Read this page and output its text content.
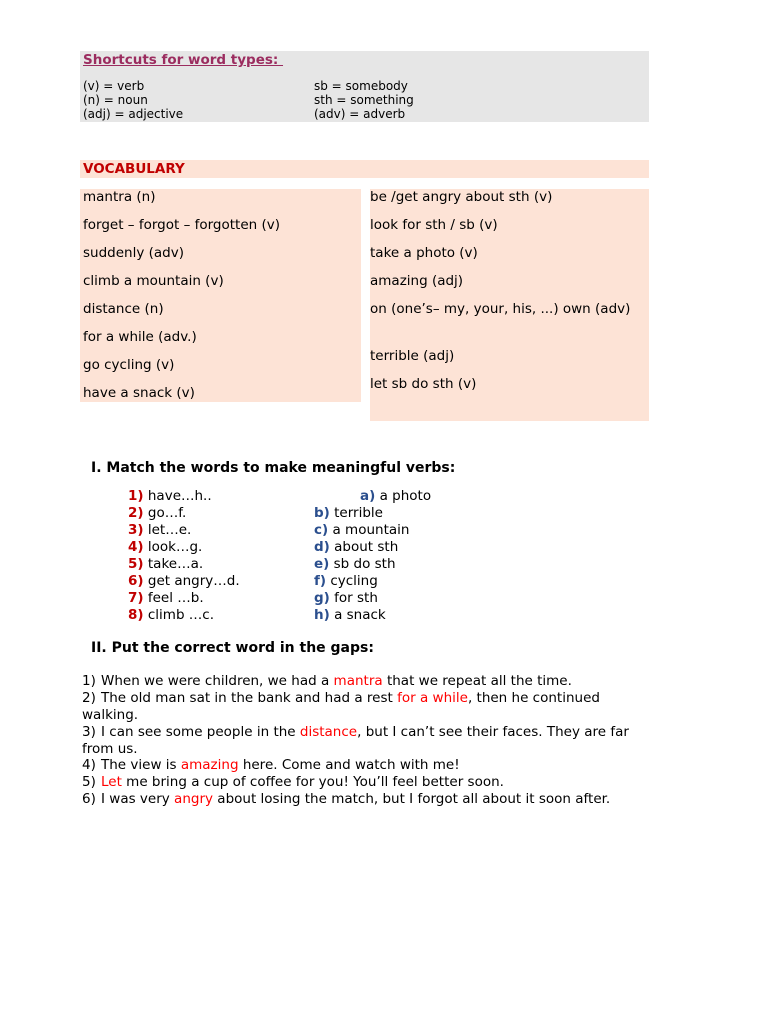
Shortcuts for word types:
(v) = verb
(n) = noun
(adj) = adjective
sb = somebody
sth = something
(adv) = adverb
VOCABULARY
mantra (n)
forget – forgot – forgotten (v)
suddenly (adv)
climb a mountain (v)
distance (n)
for a while (adv.)
go cycling (v)
have a snack (v)
be /get angry about sth (v)
look for sth / sb (v)
take a photo (v)
amazing (adj)
on (one’s– my, your, his, ...) own (adv)
terrible (adj)
let sb do sth (v)
I. Match the words to make meaningful verbs:
1) have…h..
2) go…f.
3) let…e.
4) look…g.
5) take…a.
6) get angry…d.
7) feel …b.
8) climb …c.
a) a photo
b) terrible
c) a mountain
d) about sth
e) sb do sth
f) cycling
g) for sth
h) a snack
II. Put the correct word in the gaps:
1) When we were children, we had a mantra that we repeat all the time.
2) The old man sat in the bank and had a rest for a while, then he continued walking.
3) I can see some people in the distance, but I can’t see their faces. They are far from us.
4) The view is amazing here. Come and watch with me!
5) Let me bring a cup of coffee for you! You’ll feel better soon.
6) I was very angry about losing the match, but I forgot all about it soon after.
